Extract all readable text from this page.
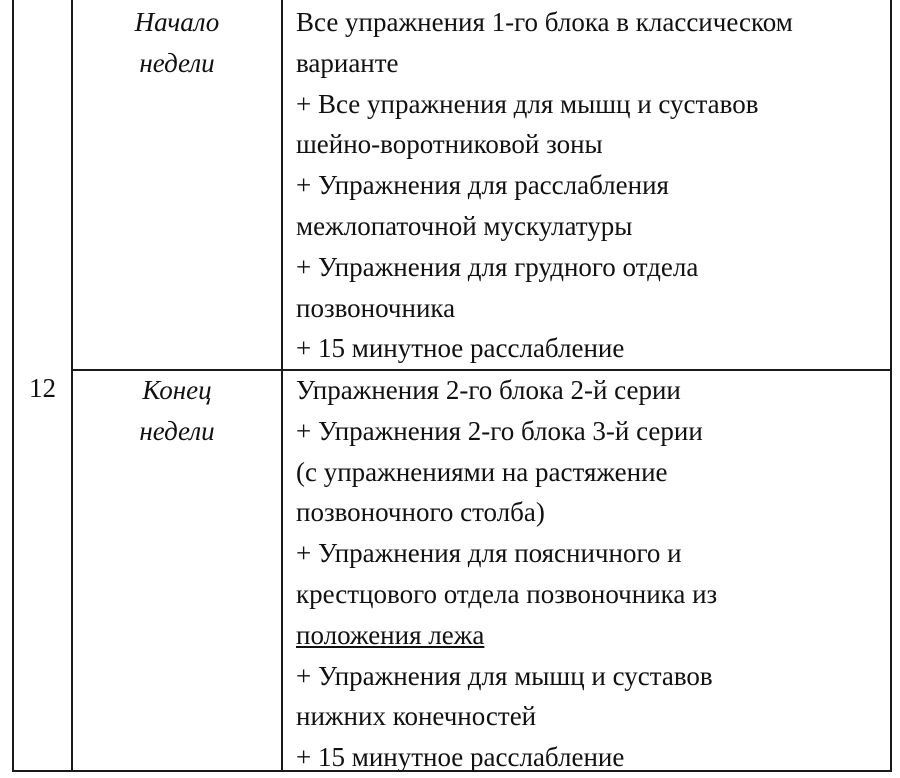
12
Начало
недели
Все упражнения 1-го блока в классическом
варианте
+ Все упражнения для мышц и суставов
шейно-воротниковой зоны
+ Упражнения для расслабления
межлопаточной мускулатуры
+ Упражнения для грудного отдела
позвоночника
+ 15 минутное расслабление
Конец
недели
Упражнения 2-го блока 2-й серии
+ Упражнения 2-го блока 3-й серии
(с упражнениями на растяжение
позвоночного столба)
+ Упражнения для поясничного и
крестцового отдела позвоночника из
положения лежа
+ Упражнения для мышц и суставов
нижних конечностей
+ 15 минутное расслабление
